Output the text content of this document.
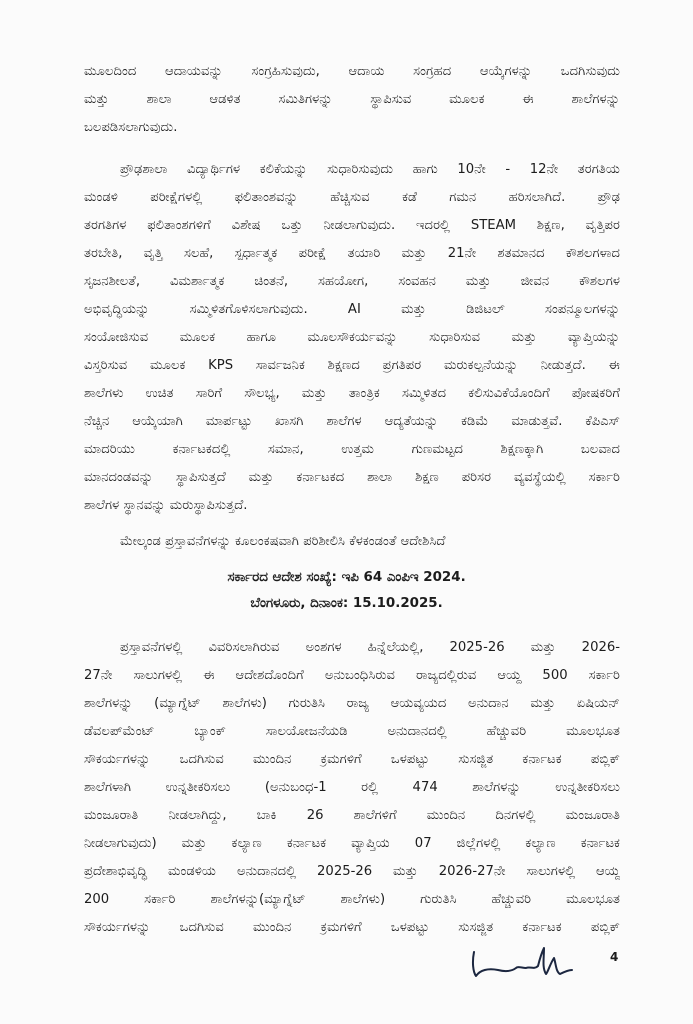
ಮೂಲದಿಂದ ಆದಾಯವನ್ನು ಸಂಗ್ರಹಿಸುವುದು, ಆದಾಯ ಸಂಗ್ರಹದ ಆಯ್ಕೆಗಳನ್ನು ಒದಗಿಸುವುದು
ಮತ್ತು ಶಾಲಾ ಆಡಳಿತ ಸಮಿತಿಗಳನ್ನು ಸ್ಥಾಪಿಸುವ ಮೂಲಕ ಈ ಶಾಲೆಗಳನ್ನು
ಬಲಪಡಿಸಲಾಗುವುದು.

ಪ್ರೌಢಶಾಲಾ ವಿದ್ಯಾರ್ಥಿಗಳ ಕಲಿಕೆಯನ್ನು ಸುಧಾರಿಸುವುದು ಹಾಗು 10ನೇ - 12ನೇ ತರಗತಿಯ
ಮಂಡಳಿ ಪರೀಕ್ಷೆಗಳಲ್ಲಿ ಫಲಿತಾಂಶವನ್ನು ಹೆಚ್ಚಿಸುವ ಕಡೆ ಗಮನ ಹರಿಸಲಾಗಿದೆ. ಪ್ರೌಢ
ತರಗತಿಗಳ ಫಲಿತಾಂಶಗಳಿಗೆ ವಿಶೇಷ ಒತ್ತು ನೀಡಲಾಗುವುದು. ಇದರಲ್ಲಿ STEAM ಶಿಕ್ಷಣ, ವೃತ್ತಿಪರ
ತರಬೇತಿ, ವೃತ್ತಿ ಸಲಹೆ, ಸ್ಪರ್ಧಾತ್ಮಕ ಪರೀಕ್ಷೆ ತಯಾರಿ ಮತ್ತು 21ನೇ ಶತಮಾನದ ಕೌಶಲಗಳಾದ
ಸೃಜನಶೀಲತೆ, ವಿಮರ್ಶಾತ್ಮಕ ಚಿಂತನೆ, ಸಹಯೋಗ, ಸಂವಹನ ಮತ್ತು ಜೀವನ ಕೌಶಲಗಳ
ಅಭಿವೃದ್ಧಿಯನ್ನು ಸಮ್ಮಿಳಿತಗೊಳಿಸಲಾಗುವುದು. AI ಮತ್ತು ಡಿಜಿಟಲ್ ಸಂಪನ್ಮೂಲಗಳನ್ನು
ಸಂಯೋಜಿಸುವ ಮೂಲಕ ಹಾಗೂ ಮೂಲಸೌಕರ್ಯವನ್ನು ಸುಧಾರಿಸುವ ಮತ್ತು ವ್ಯಾಪ್ತಿಯನ್ನು
ವಿಸ್ತರಿಸುವ ಮೂಲಕ KPS ಸಾರ್ವಜನಿಕ ಶಿಕ್ಷಣದ ಪ್ರಗತಿಪರ ಮರುಕಲ್ಪನೆಯನ್ನು ನೀಡುತ್ತದೆ. ಈ
ಶಾಲೆಗಳು ಉಚಿತ ಸಾರಿಗೆ ಸೌಲಭ್ಯ, ಮತ್ತು ತಾಂತ್ರಿಕ ಸಮ್ಮಿಳಿತದ ಕಲಿಸುವಿಕೆಯೊಂದಿಗೆ ಪೋಷಕರಿಗೆ
ನೆಚ್ಚಿನ ಆಯ್ಕೆಯಾಗಿ ಮಾರ್ಪಟ್ಟು ಖಾಸಗಿ ಶಾಲೆಗಳ ಆದ್ಯತೆಯನ್ನು ಕಡಿಮೆ ಮಾಡುತ್ತವೆ. ಕೆಪಿಎಸ್
ಮಾದರಿಯು ಕರ್ನಾಟಕದಲ್ಲಿ ಸಮಾನ, ಉತ್ತಮ ಗುಣಮಟ್ಟದ ಶಿಕ್ಷಣಕ್ಕಾಗಿ ಬಲವಾದ
ಮಾನದಂಡವನ್ನು ಸ್ಥಾಪಿಸುತ್ತದೆ ಮತ್ತು ಕರ್ನಾಟಕದ ಶಾಲಾ ಶಿಕ್ಷಣ ಪರಿಸರ ವ್ಯವಸ್ಥೆಯಲ್ಲಿ ಸರ್ಕಾರಿ
ಶಾಲೆಗಳ ಸ್ಥಾನವನ್ನು ಮರುಸ್ಥಾಪಿಸುತ್ತದೆ.

ಮೇಲ್ಕಂಡ ಪ್ರಸ್ತಾವನೆಗಳನ್ನು ಕೂಲಂಕಷವಾಗಿ ಪರಿಶೀಲಿಸಿ ಕೆಳಕಂಡಂತೆ ಆದೇಶಿಸಿದೆ

ಸರ್ಕಾರದ ಆದೇಶ ಸಂಖ್ಯೆ: ಇಪಿ 64 ಎಂಪಿಇ 2024.

ಬೆಂಗಳೂರು, ದಿನಾಂಕ: 15.10.2025.

ಪ್ರಸ್ತಾವನೆಗಳಲ್ಲಿ ವಿವರಿಸಲಾಗಿರುವ ಅಂಶಗಳ ಹಿನ್ನೆಲೆಯಲ್ಲಿ, 2025-26 ಮತ್ತು 2026-
27ನೇ ಸಾಲುಗಳಲ್ಲಿ ಈ ಆದೇಶದೊಂದಿಗೆ ಅನುಬಂಧಿಸಿರುವ ರಾಜ್ಯದಲ್ಲಿರುವ ಆಯ್ದ 500 ಸರ್ಕಾರಿ
ಶಾಲೆಗಳನ್ನು (ಮ್ಯಾಗ್ನೆಟ್ ಶಾಲೆಗಳು) ಗುರುತಿಸಿ ರಾಜ್ಯ ಆಯವ್ಯಯದ ಅನುದಾನ ಮತ್ತು ಏಷಿಯನ್
ಡೆವಲಪ್‌ಮೆಂಟ್ ಬ್ಯಾಂಕ್ ಸಾಲಯೋಜನೆಯಡಿ ಅನುದಾನದಲ್ಲಿ ಹೆಚ್ಚುವರಿ ಮೂಲಭೂತ
ಸೌಕರ್ಯಗಳನ್ನು ಒದಗಿಸುವ ಮುಂದಿನ ಕ್ರಮಗಳಿಗೆ ಒಳಪಟ್ಟು ಸುಸಜ್ಜಿತ ಕರ್ನಾಟಕ ಪಬ್ಲಿಕ್
ಶಾಲೆಗಳಾಗಿ ಉನ್ನತೀಕರಿಸಲು (ಅನುಬಂಧ-1 ರಲ್ಲಿ 474 ಶಾಲೆಗಳನ್ನು ಉನ್ನತೀಕರಿಸಲು
ಮಂಜೂರಾತಿ ನೀಡಲಾಗಿದ್ದು, ಬಾಕಿ 26 ಶಾಲೆಗಳಿಗೆ ಮುಂದಿನ ದಿನಗಳಲ್ಲಿ ಮಂಜೂರಾತಿ
ನೀಡಲಾಗುವುದು) ಮತ್ತು ಕಲ್ಯಾಣ ಕರ್ನಾಟಕ ವ್ಯಾಪ್ತಿಯ 07 ಜಿಲ್ಲೆಗಳಲ್ಲಿ ಕಲ್ಯಾಣ ಕರ್ನಾಟಕ
ಪ್ರದೇಶಾಭಿವೃದ್ಧಿ ಮಂಡಳಿಯ ಅನುದಾನದಲ್ಲಿ 2025-26 ಮತ್ತು 2026-27ನೇ ಸಾಲುಗಳಲ್ಲಿ ಆಯ್ದ
200 ಸರ್ಕಾರಿ ಶಾಲೆಗಳನ್ನು(ಮ್ಯಾಗ್ನೆಟ್ ಶಾಲೆಗಳು) ಗುರುತಿಸಿ ಹೆಚ್ಚುವರಿ ಮೂಲಭೂತ
ಸೌಕರ್ಯಗಳನ್ನು ಒದಗಿಸುವ ಮುಂದಿನ ಕ್ರಮಗಳಿಗೆ ಒಳಪಟ್ಟು ಸುಸಜ್ಜಿತ ಕರ್ನಾಟಕ ಪಬ್ಲಿಕ್

4
